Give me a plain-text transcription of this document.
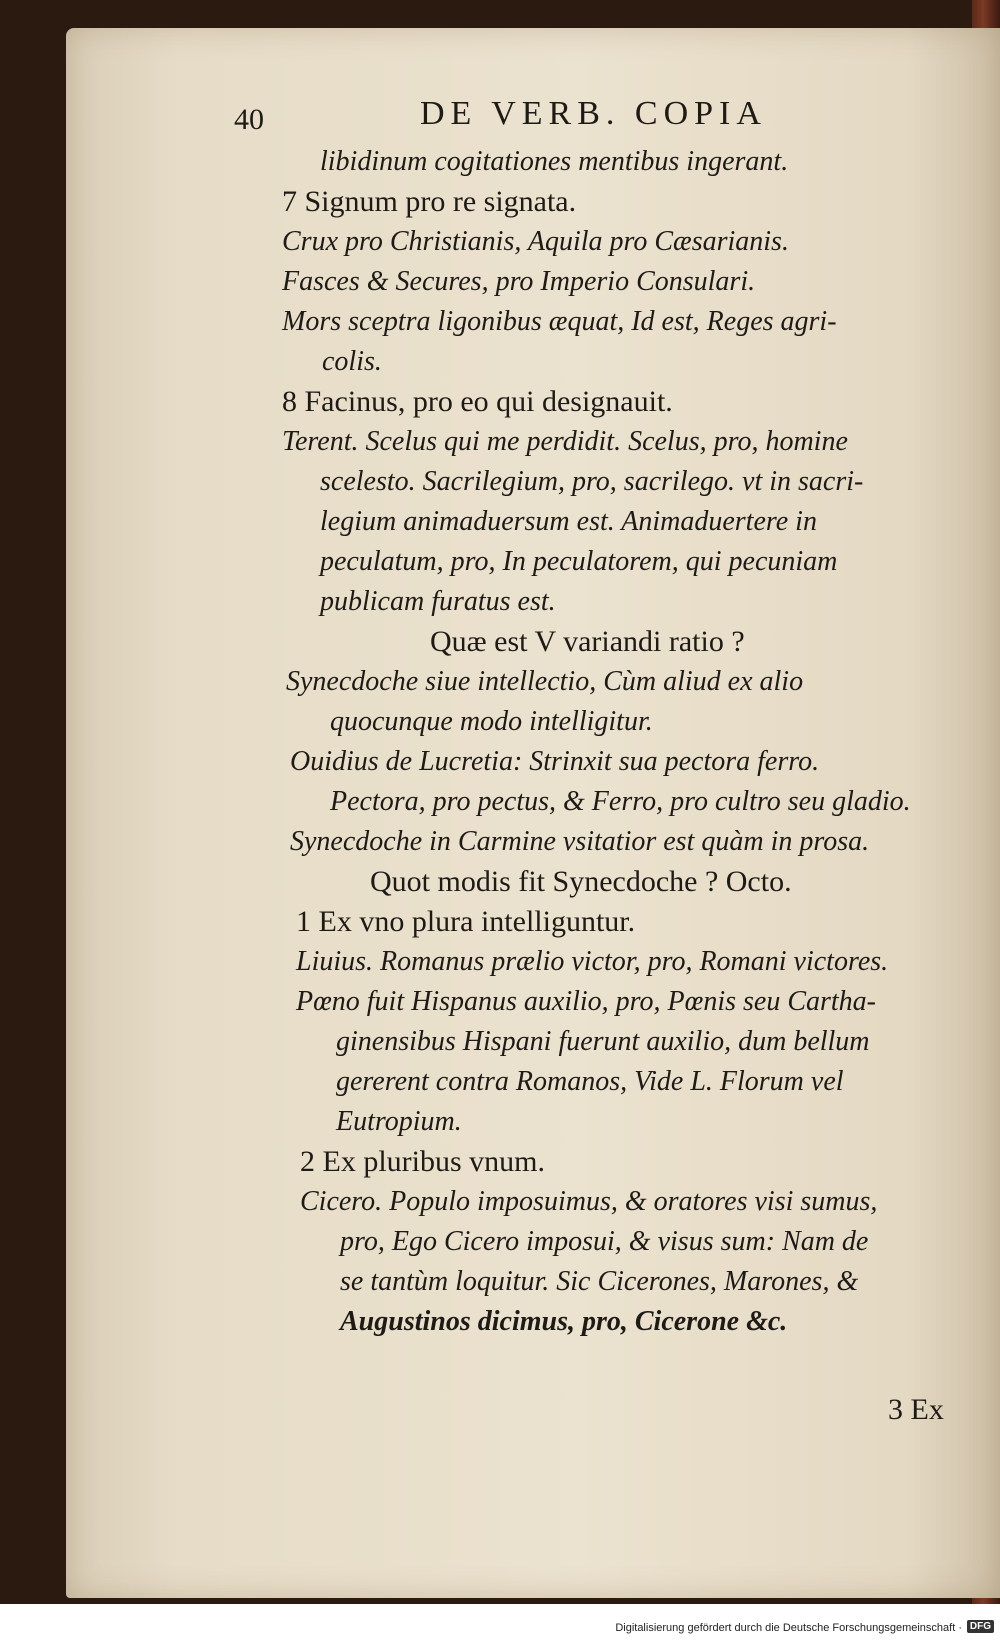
40	DE VERB. COPIA
libidinum cogitationes mentibus ingerant.
7 Signum pro re signata.
Crux pro Christianis, Aquila pro Cæsarianis.
Fasces & Secures, pro Imperio Consulari.
Mors sceptra ligonibus æquat, Id est, Reges agri-
colis.
8 Facinus, pro eo qui designauit.
Terent. Scelus qui me perdidit. Scelus, pro, homine
scelesto. Sacrilegium, pro, sacrilego. vt in sacri-
legium animaduersum est. Animaduertere in
peculatum, pro, In peculatorem, qui pecuniam
publicam furatus est.
Quæ est V variandi ratio ?
Synecdoche siue intellectio, Cùm aliud ex alio
quocunque modo intelligitur.
Ouidius de Lucretia: Strinxit sua pectora ferro.
Pectora, pro pectus, & Ferro, pro cultro seu gladio.
Synecdoche in Carmine vsitatior est quàm in prosa.
Quot modis fit Synecdoche ? Octo.
1 Ex vno plura intelliguntur.
Liuius. Romanus prælio victor, pro, Romani victores.
Pœno fuit Hispanus auxilio, pro, Pœnis seu Cartha-
ginensibus Hispani fuerunt auxilio, dum bellum
gererent contra Romanos, Vide L. Florum vel
Eutropium.
2 Ex pluribus vnum.
Cicero. Populo imposuimus, & oratores visi sumus,
pro, Ego Cicero imposui, & visus sum: Nam de
se tantùm loquitur. Sic Cicerones, Marones, &
Augustinos dicimus, pro, Cicerone &c.
3 Ex
Digitalisierung gefördert durch die Deutsche Forschungsgemeinschaft · DFG
